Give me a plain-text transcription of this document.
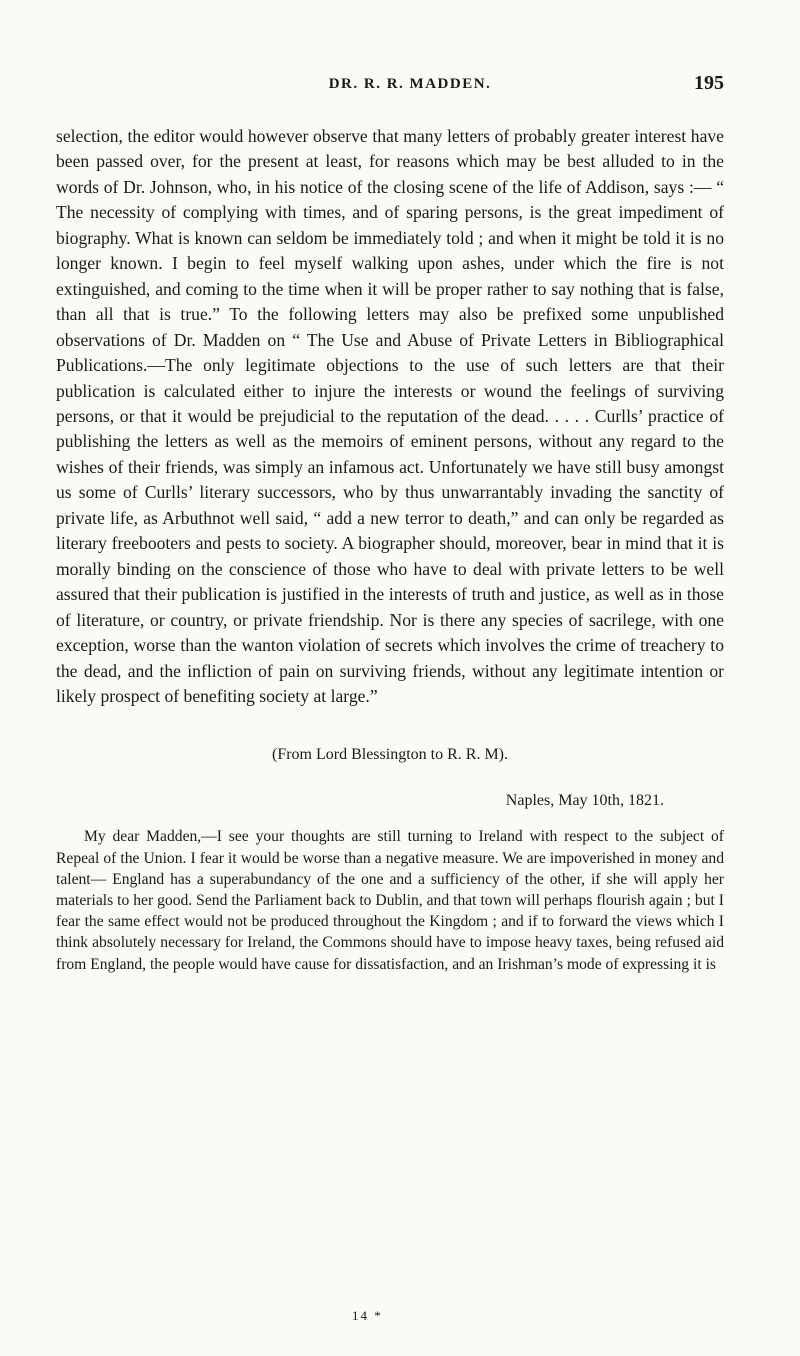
DR. R. R. MADDEN.	195

selection, the editor would however observe that many letters of probably greater interest have been passed over, for the present at least, for reasons which may be best alluded to in the words of Dr. Johnson, who, in his notice of the closing scene of the life of Addison, says :— “ The necessity of complying with times, and of sparing persons, is the great impediment of biography. What is known can seldom be immediately told ; and when it might be told it is no longer known. I begin to feel myself walking upon ashes, under which the fire is not extinguished, and coming to the time when it will be proper rather to say nothing that is false, than all that is true.” To the following letters may also be prefixed some unpublished observations of Dr. Madden on “ The Use and Abuse of Private Letters in Bibliographical Publications.—The only legitimate objections to the use of such letters are that their publication is calculated either to injure the interests or wound the feelings of surviving persons, or that it would be prejudicial to the reputation of the dead. . . . . Curlls’ practice of publishing the letters as well as the memoirs of eminent persons, without any regard to the wishes of their friends, was simply an infamous act. Unfortunately we have still busy amongst us some of Curlls’ literary successors, who by thus unwarrantably invading the sanctity of private life, as Arbuthnot well said, “ add a new terror to death,” and can only be regarded as literary freebooters and pests to society. A biographer should, moreover, bear in mind that it is morally binding on the conscience of those who have to deal with private letters to be well assured that their publication is justified in the interests of truth and justice, as well as in those of literature, or country, or private friendship. Nor is there any species of sacrilege, with one exception, worse than the wanton violation of secrets which involves the crime of treachery to the dead, and the infliction of pain on surviving friends, without any legitimate intention or likely prospect of benefiting society at large.”

(From Lord Blessington to R. R. M).

Naples, May 10th, 1821.

My dear Madden,—I see your thoughts are still turning to Ireland with respect to the subject of Repeal of the Union. I fear it would be worse than a negative measure. We are impoverished in money and talent— England has a superabundancy of the one and a sufficiency of the other, if she will apply her materials to her good. Send the Parliament back to Dublin, and that town will perhaps flourish again ; but I fear the same effect would not be produced throughout the Kingdom ; and if to forward the views which I think absolutely necessary for Ireland, the Commons should have to impose heavy taxes, being refused aid from England, the people would have cause for dissatisfaction, and an Irishman’s mode of expressing it is

14 *
